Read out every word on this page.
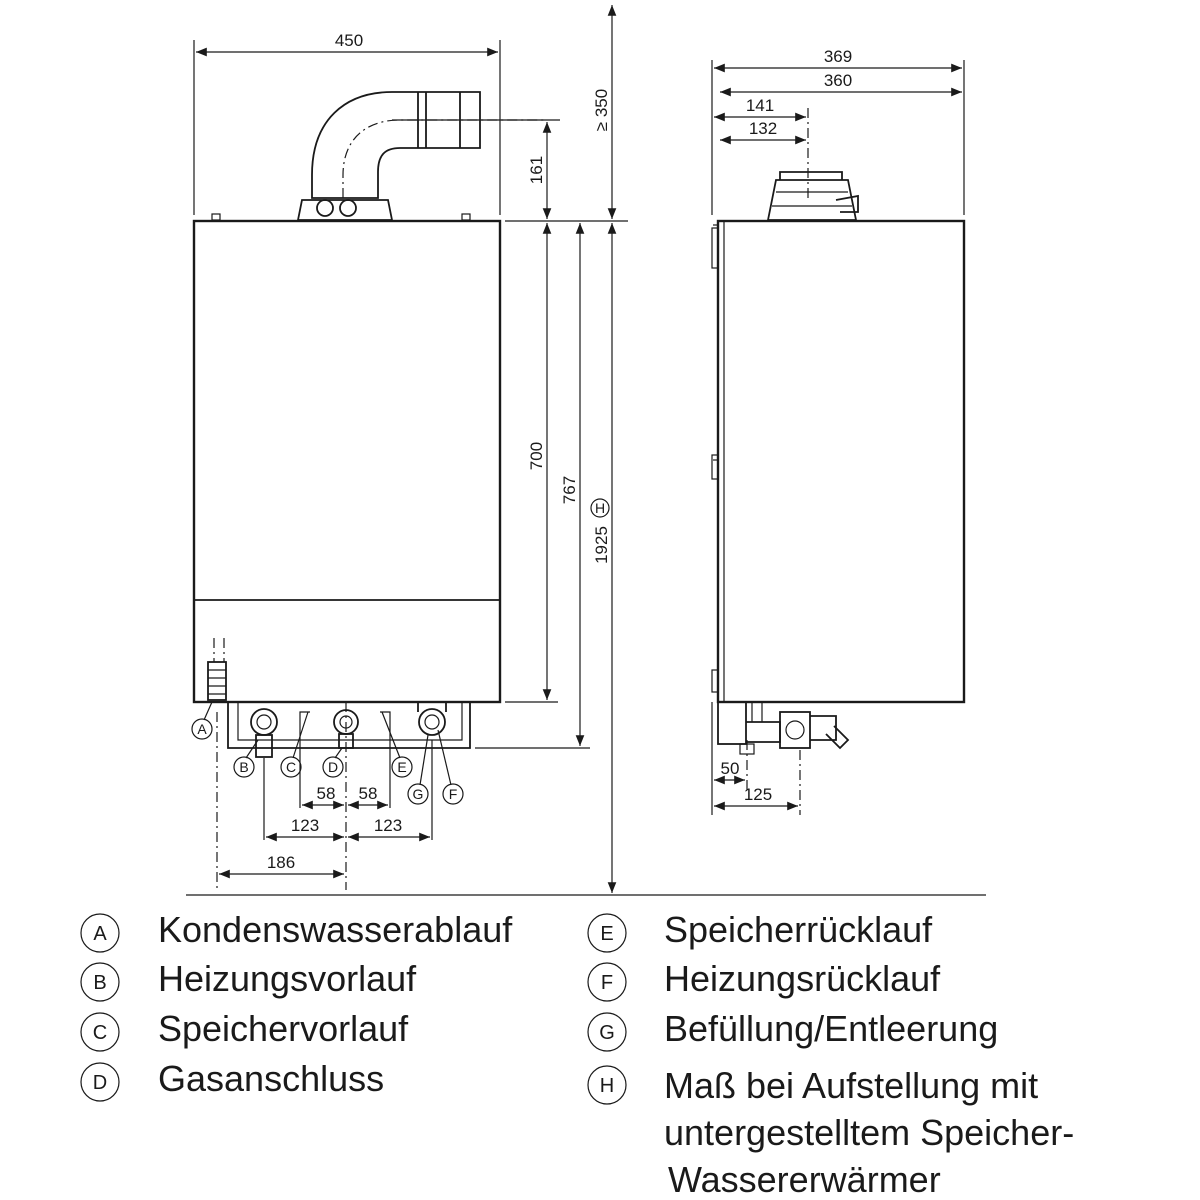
450
161
≥ 350
700
767
1925
H
58 58
123	123
186
A
B	C D	E
F
G
369
360
141
132
50
125
A Kondenswasserablauf
B Heizungsvorlauf
C Speichervorlauf
D Gasanschluss
E Speicherrücklauf
F Heizungsrücklauf
G Befüllung/Entleerung
H Maß bei Aufstellung mit
untergestelltem Speicher-
Wassererwärmer
